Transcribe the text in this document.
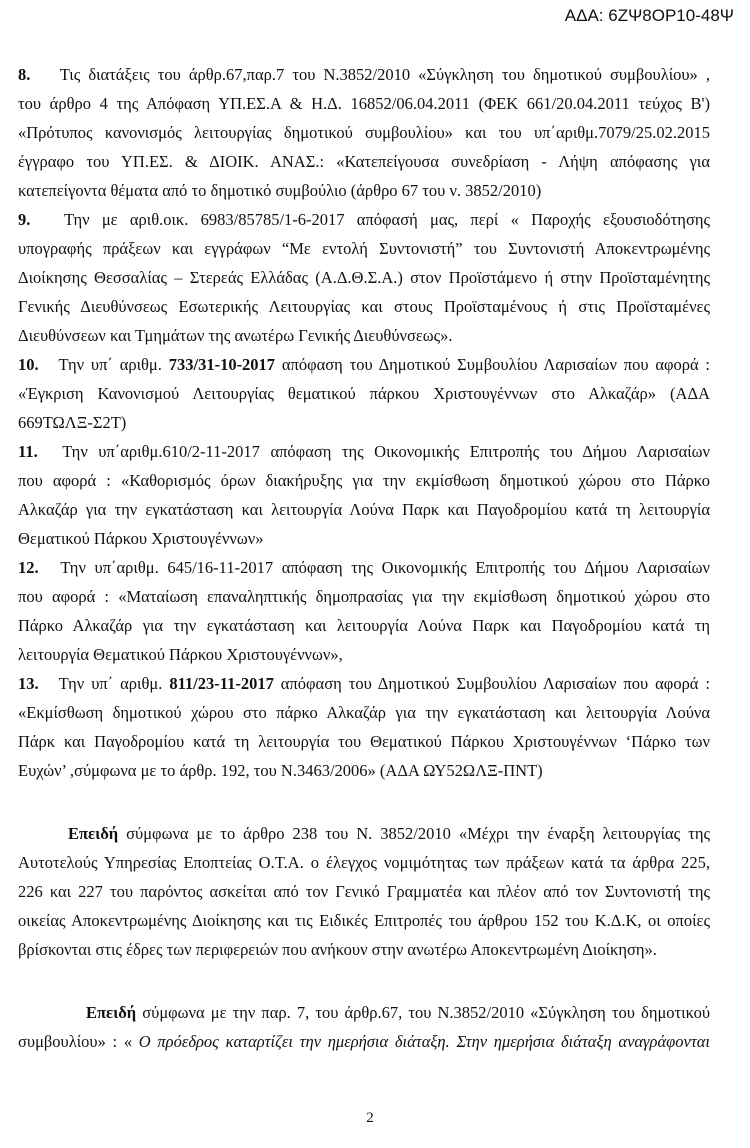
ΑΔΑ: 6ΖΨ8ΟΡ10-48Ψ
8. Τις διατάξεις του άρθρ.67,παρ.7 του Ν.3852/2010 «Σύγκληση του δημοτικού συμβουλίου» ,
του άρθρο 4 της Απόφαση ΥΠ.ΕΣ.Α & Η.Δ. 16852/06.04.2011 (ΦΕΚ 661/20.04.2011 τεύχος Β')
«Πρότυπος κανονισμός λειτουργίας δημοτικού συμβουλίου» και του υπ΄αριθμ.7079/25.02.2015
έγγραφο του ΥΠ.ΕΣ. & ΔΙΟΙΚ. ΑΝΑΣ.: «Κατεπείγουσα συνεδρίαση - Λήψη απόφασης για
κατεπείγοντα θέματα από το δημοτικό συμβούλιο (άρθρο 67 του ν. 3852/2010)
9. Την με αριθ.οικ. 6983/85785/1-6-2017 απόφασή μας, περί « Παροχής εξουσιοδότησης
υπογραφής πράξεων και εγγράφων “Με εντολή Συντονιστή” του Συντονιστή Αποκεντρωμένης
Διοίκησης Θεσσαλίας – Στερεάς Ελλάδας (Α.Δ.Θ.Σ.Α.) στον Προϊστάμενο ή στην Προϊσταμένητης
Γενικής Διευθύνσεως Εσωτερικής Λειτουργίας και στους Προϊσταμένους ή στις Προϊσταμένες
Διευθύνσεων και Τμημάτων της ανωτέρω Γενικής Διευθύνσεως».
10. Την υπ΄ αριθμ. 733/31-10-2017 απόφαση του Δημοτικού Συμβουλίου Λαρισαίων που αφορά :
«Έγκριση Κανονισμού Λειτουργίας θεματικού πάρκου Χριστουγέννων στο Αλκαζάρ» (ΑΔΑ
669ΤΩΛΞ-Σ2Τ)
11. Την υπ΄αριθμ.610/2-11-2017 απόφαση της Οικονομικής Επιτροπής του Δήμου Λαρισαίων
που αφορά : «Καθορισμός όρων διακήρυξης για την εκμίσθωση δημοτικού χώρου στο Πάρκο
Αλκαζάρ για την εγκατάσταση και λειτουργία Λούνα Παρκ και Παγοδρομίου κατά τη λειτουργία
Θεματικού Πάρκου Χριστουγέννων»
12. Την υπ΄αριθμ. 645/16-11-2017 απόφαση της Οικονομικής Επιτροπής του Δήμου Λαρισαίων
που αφορά : «Ματαίωση επαναληπτικής δημοπρασίας για την εκμίσθωση δημοτικού χώρου στο
Πάρκο Αλκαζάρ για την εγκατάσταση και λειτουργία Λούνα Παρκ και Παγοδρομίου κατά τη
λειτουργία Θεματικού Πάρκου Χριστουγέννων»,
13. Την υπ΄ αριθμ. 811/23-11-2017 απόφαση του Δημοτικού Συμβουλίου Λαρισαίων που αφορά :
«Εκμίσθωση δημοτικού χώρου στο πάρκο Αλκαζάρ για την εγκατάσταση και λειτουργία Λούνα
Πάρκ και Παγοδρομίου κατά τη λειτουργία του Θεματικού Πάρκου Χριστουγέννων ‘Πάρκο των
Ευχών’ ,σύμφωνα με το άρθρ. 192, του Ν.3463/2006» (ΑΔΑ ΩΥ52ΩΛΞ-ΠΝΤ)
Επειδή σύμφωνα με το άρθρο 238 του Ν. 3852/2010 «Μέχρι την έναρξη λειτουργίας της
Αυτοτελούς Υπηρεσίας Εποπτείας Ο.Τ.Α. ο έλεγχος νομιμότητας των πράξεων κατά τα άρθρα 225,
226 και 227 του παρόντος ασκείται από τον Γενικό Γραμματέα και πλέον από τον Συντονιστή της
οικείας Αποκεντρωμένης Διοίκησης και τις Ειδικές Επιτροπές του άρθρου 152 του Κ.Δ.Κ, οι οποίες
βρίσκονται στις έδρες των περιφερειών που ανήκουν στην ανωτέρω Αποκεντρωμένη Διοίκηση».
Επειδή σύμφωνα με την παρ. 7, του άρθρ.67, του Ν.3852/2010 «Σύγκληση του δημοτικού
συμβουλίου» : « Ο πρόεδρος καταρτίζει την ημερήσια διάταξη. Στην ημερήσια διάταξη αναγράφονται
2
